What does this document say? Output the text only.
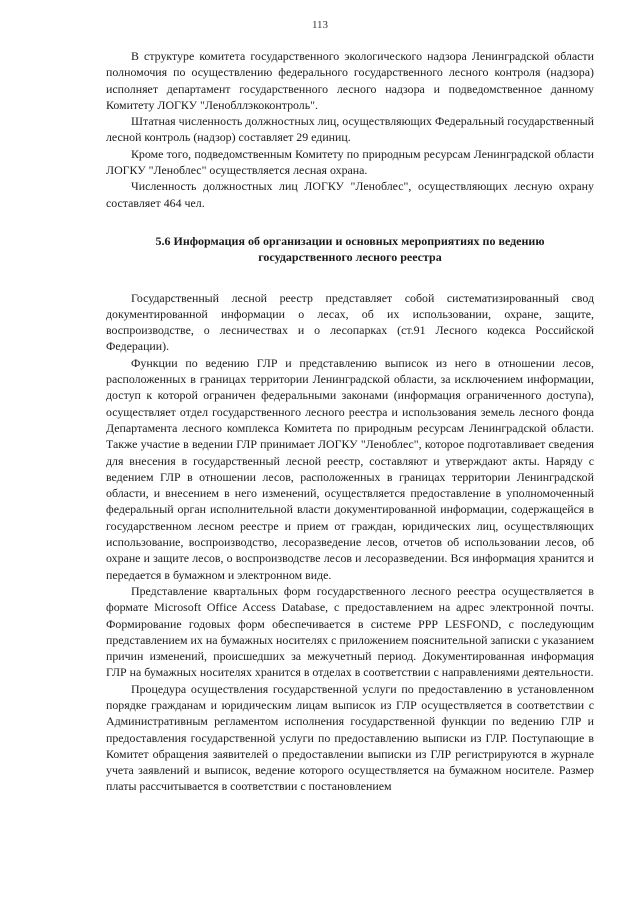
113

В структуре комитета государственного экологического надзора Ленинградской области полномочия по осуществлению федерального государственного лесного контроля (надзора) исполняет департамент государственного лесного надзора и подведомственное данному Комитету ЛОГКУ "Ленобллэкоконтроль".

Штатная численность должностных лиц, осуществляющих Федеральный государственный лесной контроль (надзор) составляет 29 единиц.

Кроме того, подведомственным Комитету по природным ресурсам Ленинградской области ЛОГКУ "Леноблес" осуществляется лесная охрана.

Численность должностных лиц ЛОГКУ "Леноблес", осуществляющих лесную охрану составляет 464 чел.

5.6 Информация об организации и основных мероприятиях по ведению государственного лесного реестра

Государственный лесной реестр представляет собой систематизированный свод документированной информации о лесах, об их использовании, охране, защите, воспроизводстве, о лесничествах и о лесопарках (ст.91 Лесного кодекса Российской Федерации).

Функции по ведению ГЛР и представлению выписок из него в отношении лесов, расположенных в границах территории Ленинградской области, за исключением информации, доступ к которой ограничен федеральными законами (информация ограниченного доступа), осуществляет отдел государственного лесного реестра и использования земель лесного фонда Департамента лесного комплекса Комитета по природным ресурсам Ленинградской области. Также участие в ведении ГЛР принимает ЛОГКУ "Леноблес", которое подготавливает сведения для внесения в государственный лесной реестр, составляют и утверждают акты. Наряду с ведением ГЛР в отношении лесов, расположенных в границах территории Ленинградской области, и внесением в него изменений, осуществляется предоставление в уполномоченный федеральный орган исполнительной власти документированной информации, содержащейся в государственном лесном реестре и прием от граждан, юридических лиц, осуществляющих использование, воспроизводство, лесоразведение лесов, отчетов об использовании лесов, об охране и защите лесов, о воспроизводстве лесов и лесоразведении. Вся информация хранится и передается в бумажном и электронном виде.

Представление квартальных форм государственного лесного реестра осуществляется в формате Microsoft Office Access Database, с предоставлением на адрес электронной почты. Формирование годовых форм обеспечивается в системе PPP LESFOND, с последующим представлением их на бумажных носителях с приложением пояснительной записки с указанием причин изменений, происшедших за межучетный период. Документированная информация ГЛР на бумажных носителях хранится в отделах в соответствии с направлениями деятельности.

Процедура осуществления государственной услуги по предоставлению в установленном порядке гражданам и юридическим лицам выписок из ГЛР осуществляется в соответствии с Административным регламентом исполнения государственной функции по ведению ГЛР и предоставления государственной услуги по предоставлению выписки из ГЛР. Поступающие в Комитет обращения заявителей о предоставлении выписки из ГЛР регистрируются в журнале учета заявлений и выписок, ведение которого осуществляется на бумажном носителе. Размер платы рассчитывается в соответствии с постановлением
